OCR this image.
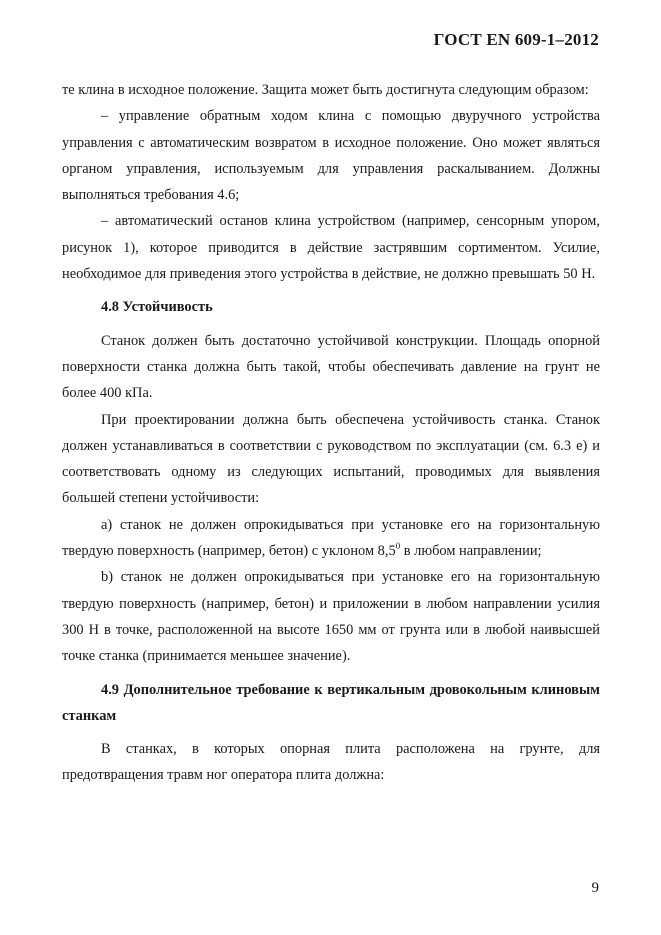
ГОСТ EN 609-1–2012

те клина в исходное положение. Защита может быть достигнута следующим образом:

– управление обратным ходом клина с помощью двуручного устройства управления с автоматическим возвратом в исходное положение. Оно может являться органом управления, используемым для управления раскалыванием. Должны выполняться требования 4.6;

– автоматический останов клина устройством (например, сенсорным упором, рисунок 1), которое приводится в действие застрявшим сортиментом. Усилие, необходимое для приведения этого устройства в действие, не должно превышать 50 Н.

4.8 Устойчивость

Станок должен быть достаточно устойчивой конструкции. Площадь опорной поверхности станка должна быть такой, чтобы обеспечивать давление на грунт не более 400 кПа.

При проектировании должна быть обеспечена устойчивость станка. Станок должен устанавливаться в соответствии с руководством по эксплуатации (см. 6.3 е) и соответствовать одному из следующих испытаний, проводимых для выявления большей степени устойчивости:

а) станок не должен опрокидываться при установке его на горизонтальную твердую поверхность (например, бетон) с уклоном $8,5^0$ в любом направлении;

b) станок не должен опрокидываться при установке его на горизонтальную твердую поверхность (например, бетон) и приложении в любом направлении усилия 300 Н в точке, расположенной на высоте 1650 мм от грунта или в любой наивысшей точке станка (принимается меньшее значение).

4.9 Дополнительное требование к вертикальным дровокольным клиновым станкам

В станках, в которых опорная плита расположена на грунте, для предотвращения травм ног оператора плита должна:

9
